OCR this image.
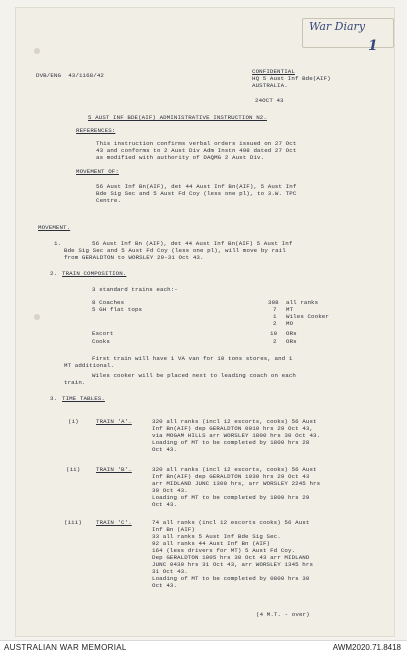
War Diary
1
DVB/ENG  43/1168/42
CONFIDENTIAL
HQ 5 Aust Inf Bde(AIF)
AUSTRALIA.
24OCT 43
5 AUST INF BDE(AIF) ADMINISTRATIVE INSTRUCTION N2.
REFERENCES:
This instruction confirms verbal orders issued on 27 Oct
43 and conforms to 2 Aust Div Adm Instn 498 dated 27 Oct
as modified with authority of DAQMG 2 Aust Div.
MOVEMENT OF:
56 Aust Inf Bn(AIF), det 44 Aust Inf Bn(AIF), 5 Aust Inf
Bde Sig Sec and 5 Aust Fd Coy (less one pl), to 3.W. TPC
Centre.
MOVEMENT.
1.	56 Aust Inf Bn (AIF), det 44 Aust Inf Bn(AIF) 5 Aust Inf
Bde Sig Sec and 5 Aust Fd Coy (less one pl), will move by rail
from GERALDTON to WORSLEY 29-31 Oct 43.
2. TRAIN COMPOSITION.
3 standard trains each:-
8 Coaches	308 all ranks
5 GH flat tops	7 MT
1 Wiles Cooker
2 MO
Escort	10 ORs
Cooks	2 ORs
First train will have 1 VA van for 10 tons stores, and 1
MT additional.
Wiles cooker will be placed next to leading coach on each
train.
3. TIME TABLES.
(i)	TRAIN 'A'.	320 all ranks (incl 12 escorts, cooks) 56 Aust
Inf Bn(AIF) dep GERALDTON 0010 hrs 29 Oct 43,
via MOGAM HILLS arr WORSLEY 1800 hrs 30 Oct 43.
Loading of MT to be completed by 1800 hrs 28
Oct 43.
(ii)	TRAIN 'B'.	320 all ranks (incl 12 escorts, cooks) 56 Aust
Inf Bn(AIF) dep GERALDTON 1930 hrs 29 Oct 43
arr MIDLAND JUNC 1300 hrs, arr WORSLEY 2245 hrs
30 Oct 43.
Loading of MT to be completed by 1800 hrs 29
Oct 43.
(iii) TRAIN 'C'.	74 all ranks (incl 12 escorts cooks) 56 Aust
Inf Bn (AIF)
33 all ranks 5 Aust Inf Bde Sig Sec.
92 all ranks 44 Aust Inf Bn (AIF)
164 (less drivers for MT) 5 Aust Fd Coy.
Dep GERALDTON 1005 hrs 30 Oct 43 arr MIDLAND
JUNC 0430 hrs 31 Oct 43, arr WORSLEY 1345 hrs
31 Oct 43.
Loading of MT to be completed by 0800 hrs 30
Oct 43.
(4 M.T. - over)
AUSTRALIAN WAR MEMORIAL	AWM2020.71.8418
